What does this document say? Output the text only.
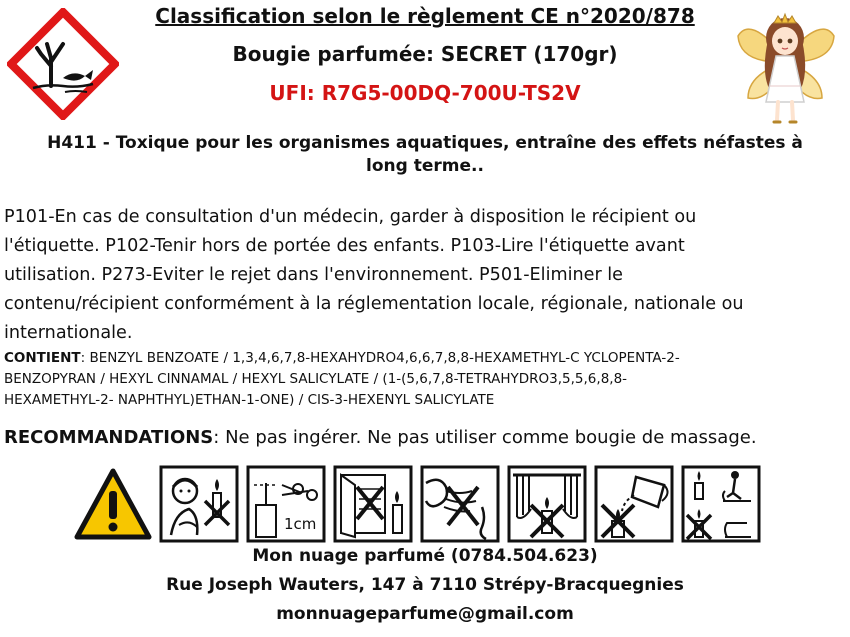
Classification selon le règlement CE n°2020/878
Bougie parfumée: SECRET (170gr)
UFI: R7G5-00DQ-700U-TS2V
H411 - Toxique pour les organismes aquatiques, entraîne des effets néfastes à
long terme..
P101-En cas de consultation d'un médecin, garder à disposition le récipient ou
l'étiquette. P102-Tenir hors de portée des enfants. P103-Lire l'étiquette avant
utilisation. P273-Eviter le rejet dans l'environnement. P501-Eliminer le
contenu/récipient conformément à la réglementation locale, régionale, nationale ou
internationale.
CONTIENT: BENZYL BENZOATE / 1,3,4,6,7,8-HEXAHYDRO4,6,6,7,8,8-HEXAMETHYL-C YCLOPENTA-2-
BENZOPYRAN / HEXYL CINNAMAL / HEXYL SALICYLATE / (1-(5,6,7,8-TETRAHYDRO3,5,5,6,8,8-
HEXAMETHYL-2- NAPHTHYL)ETHAN-1-ONE) / CIS-3-HEXENYL SALICYLATE
RECOMMANDATIONS: Ne pas ingérer. Ne pas utiliser comme bougie de massage.
1cm
Mon nuage parfumé (0784.504.623)
Rue Joseph Wauters, 147 à 7110 Strépy-Bracquegnies
monnuageparfume@gmail.com
